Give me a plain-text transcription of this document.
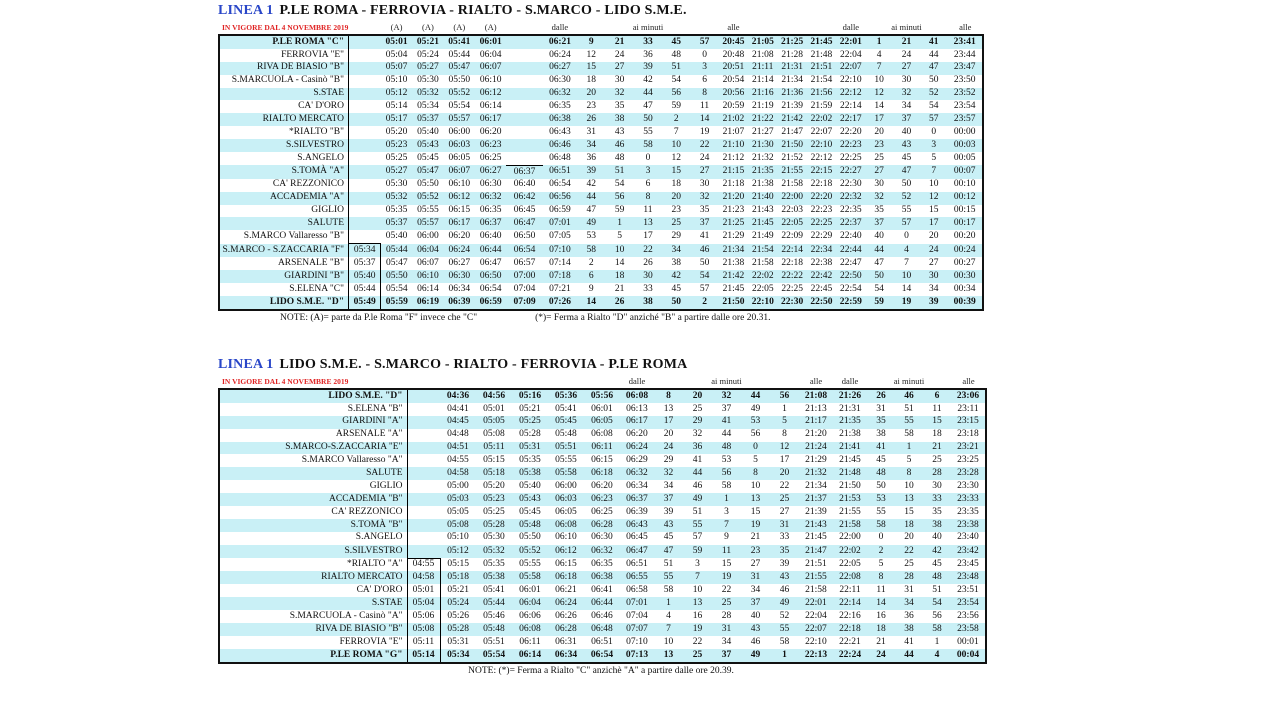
LINEA 1 P.LE ROMA - FERROVIA - RIALTO - S.MARCO - LIDO S.M.E.
IN VIGORE DAL 4 NOVEMBRE 2019		(A)	(A)	(A)	(A)		dalle	ai minuti					alle				dalle	ai minuti			alle
P.LE ROMA "C"		05:01	05:21	05:41	06:01		06:21	9	21	33	45	57	20:45	21:05	21:25	21:45	22:01	1	21	41	23:41
FERROVIA "E"		05:04	05:24	05:44	06:04		06:24	12	24	36	48	0	20:48	21:08	21:28	21:48	22:04	4	24	44	23:44
RIVA DE BIASIO "B"		05:07	05:27	05:47	06:07		06:27	15	27	39	51	3	20:51	21:11	21:31	21:51	22:07	7	27	47	23:47
S.MARCUOLA - Casinò "B"		05:10	05:30	05:50	06:10		06:30	18	30	42	54	6	20:54	21:14	21:34	21:54	22:10	10	30	50	23:50
S.STAE		05:12	05:32	05:52	06:12		06:32	20	32	44	56	8	20:56	21:16	21:36	21:56	22:12	12	32	52	23:52
CA' D'ORO		05:14	05:34	05:54	06:14		06:35	23	35	47	59	11	20:59	21:19	21:39	21:59	22:14	14	34	54	23:54
RIALTO MERCATO		05:17	05:37	05:57	06:17		06:38	26	38	50	2	14	21:02	21:22	21:42	22:02	22:17	17	37	57	23:57
*RIALTO "B"		05:20	05:40	06:00	06:20		06:43	31	43	55	7	19	21:07	21:27	21:47	22:07	22:20	20	40	0	00:00
S.SILVESTRO		05:23	05:43	06:03	06:23		06:46	34	46	58	10	22	21:10	21:30	21:50	22:10	22:23	23	43	3	00:03
S.ANGELO		05:25	05:45	06:05	06:25		06:48	36	48	0	12	24	21:12	21:32	21:52	22:12	22:25	25	45	5	00:05
S.TOMÀ "A"		05:27	05:47	06:07	06:27	06:37	06:51	39	51	3	15	27	21:15	21:35	21:55	22:15	22:27	27	47	7	00:07
CA' REZZONICO		05:30	05:50	06:10	06:30	06:40	06:54	42	54	6	18	30	21:18	21:38	21:58	22:18	22:30	30	50	10	00:10
ACCADEMIA "A"		05:32	05:52	06:12	06:32	06:42	06:56	44	56	8	20	32	21:20	21:40	22:00	22:20	22:32	32	52	12	00:12
GIGLIO		05:35	05:55	06:15	06:35	06:45	06:59	47	59	11	23	35	21:23	21:43	22:03	22:23	22:35	35	55	15	00:15
SALUTE		05:37	05:57	06:17	06:37	06:47	07:01	49	1	13	25	37	21:25	21:45	22:05	22:25	22:37	37	57	17	00:17
S.MARCO Vallaresso "B"		05:40	06:00	06:20	06:40	06:50	07:05	53	5	17	29	41	21:29	21:49	22:09	22:29	22:40	40	0	20	00:20
S.MARCO - S.ZACCARIA "F"	05:34	05:44	06:04	06:24	06:44	06:54	07:10	58	10	22	34	46	21:34	21:54	22:14	22:34	22:44	44	4	24	00:24
ARSENALE "B"	05:37	05:47	06:07	06:27	06:47	06:57	07:14	2	14	26	38	50	21:38	21:58	22:18	22:38	22:47	47	7	27	00:27
GIARDINI "B"	05:40	05:50	06:10	06:30	06:50	07:00	07:18	6	18	30	42	54	21:42	22:02	22:22	22:42	22:50	50	10	30	00:30
S.ELENA "C"	05:44	05:54	06:14	06:34	06:54	07:04	07:21	9	21	33	45	57	21:45	22:05	22:25	22:45	22:54	54	14	34	00:34
LIDO S.M.E. "D"	05:49	05:59	06:19	06:39	06:59	07:09	07:26	14	26	38	50	2	21:50	22:10	22:30	22:50	22:59	59	19	39	00:39
NOTE: (A)= parte da P.le Roma "F" invece che "C"	(*)= Ferma a Rialto "D" anziché "B" a partire dalle ore 20.31.
LINEA 1 LIDO S.M.E. - S.MARCO - RIALTO - FERROVIA - P.LE ROMA
IN VIGORE DAL 4 NOVEMBRE 2019							dalle	ai minuti					alle	dalle	ai minuti			alle
LIDO S.M.E. "D"		04:36	04:56	05:16	05:36	05:56	06:08	8	20	32	44	56	21:08	21:26	26	46	6	23:06
S.ELENA "B"		04:41	05:01	05:21	05:41	06:01	06:13	13	25	37	49	1	21:13	21:31	31	51	11	23:11
GIARDINI "A"		04:45	05:05	05:25	05:45	06:05	06:17	17	29	41	53	5	21:17	21:35	35	55	15	23:15
ARSENALE "A"		04:48	05:08	05:28	05:48	06:08	06:20	20	32	44	56	8	21:20	21:38	38	58	18	23:18
S.MARCO-S.ZACCARIA "E"		04:51	05:11	05:31	05:51	06:11	06:24	24	36	48	0	12	21:24	21:41	41	1	21	23:21
S.MARCO Vallaresso "A"		04:55	05:15	05:35	05:55	06:15	06:29	29	41	53	5	17	21:29	21:45	45	5	25	23:25
SALUTE		04:58	05:18	05:38	05:58	06:18	06:32	32	44	56	8	20	21:32	21:48	48	8	28	23:28
GIGLIO		05:00	05:20	05:40	06:00	06:20	06:34	34	46	58	10	22	21:34	21:50	50	10	30	23:30
ACCADEMIA "B"		05:03	05:23	05:43	06:03	06:23	06:37	37	49	1	13	25	21:37	21:53	53	13	33	23:33
CA' REZZONICO		05:05	05:25	05:45	06:05	06:25	06:39	39	51	3	15	27	21:39	21:55	55	15	35	23:35
S.TOMÀ "B"		05:08	05:28	05:48	06:08	06:28	06:43	43	55	7	19	31	21:43	21:58	58	18	38	23:38
S.ANGELO		05:10	05:30	05:50	06:10	06:30	06:45	45	57	9	21	33	21:45	22:00	0	20	40	23:40
S.SILVESTRO		05:12	05:32	05:52	06:12	06:32	06:47	47	59	11	23	35	21:47	22:02	2	22	42	23:42
*RIALTO "A"	04:55	05:15	05:35	05:55	06:15	06:35	06:51	51	3	15	27	39	21:51	22:05	5	25	45	23:45
RIALTO MERCATO	04:58	05:18	05:38	05:58	06:18	06:38	06:55	55	7	19	31	43	21:55	22:08	8	28	48	23:48
CA' D'ORO	05:01	05:21	05:41	06:01	06:21	06:41	06:58	58	10	22	34	46	21:58	22:11	11	31	51	23:51
S.STAE	05:04	05:24	05:44	06:04	06:24	06:44	07:01	1	13	25	37	49	22:01	22:14	14	34	54	23:54
S.MARCUOLA - Casinò "A"	05:06	05:26	05:46	06:06	06:26	06:46	07:04	4	16	28	40	52	22:04	22:16	16	36	56	23:56
RIVA DE BIASIO "B"	05:08	05:28	05:48	06:08	06:28	06:48	07:07	7	19	31	43	55	22:07	22:18	18	38	58	23:58
FERROVIA "E"	05:11	05:31	05:51	06:11	06:31	06:51	07:10	10	22	34	46	58	22:10	22:21	21	41	1	00:01
P.LE ROMA "G"	05:14	05:34	05:54	06:14	06:34	06:54	07:13	13	25	37	49	1	22:13	22:24	24	44	4	00:04
NOTE: (*)= Ferma a Rialto "C" anzichè "A" a partire dalle ore 20.39.
